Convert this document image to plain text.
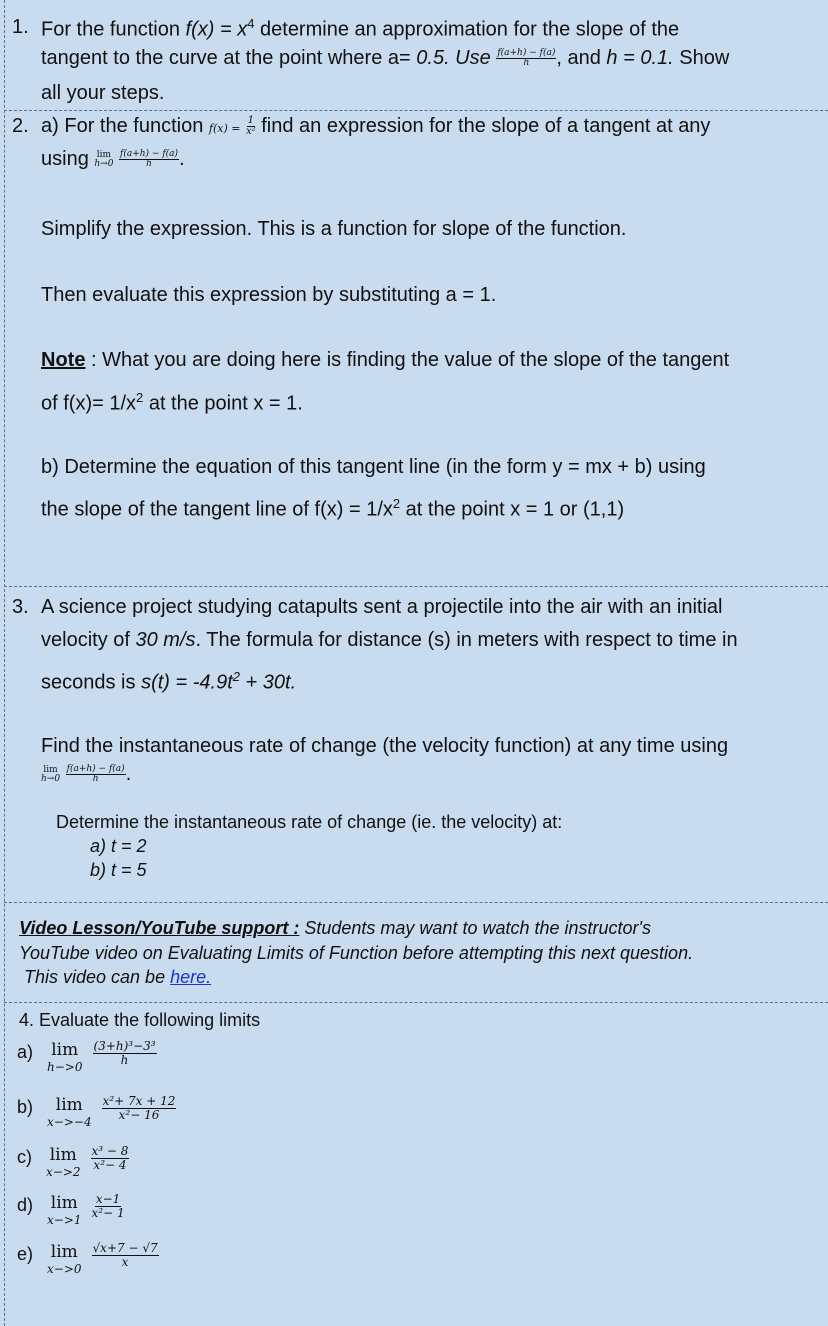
1. For the function $f(x) = x^4$ determine an approximation for the slope of the
tangent to the curve at the point where a= 0.5. Use $\frac{f(a+h) - f(a)}{h}$ , and h = 0.1. Show
all your steps.
2. a) For the function $f(x) = \frac{1}{\text{x²}}$ find an expression for the slope of a tangent at any
using lim
h→0
$\frac{f(a+h) - f(a)}{h}$ .
Simplify the expression. This is a function for slope of the function.
Then evaluate this expression by substituting a = 1.
Note : What you are doing here is finding the value of the slope of the tangent
of $f(x)= 1/x^2$ at the point x = 1.
b) Determine the equation of this tangent line (in the form y = mx + b) using
the slope of the tangent line of $f(x) = 1/x^2$ at the point x = 1 or (1,1)
3. A science project studying catapults sent a projectile into the air with an initial
velocity of 30 m/s. The formula for distance (s) in meters with respect to time in
seconds is $s(t) = -4.9t^2 + 30t$.
Find the instantaneous rate of change (the velocity function) at any time using
lim
h→0
$\frac{f(a+h) - f(a)}{h}$ .
Determine the instantaneous rate of change (ie. the velocity) at:
a) t = 2
b) t = 5
Video Lesson/YouTube support : Students may want to watch the instructor's
YouTube video on Evaluating Limits of Function before attempting this next question.
This video can be here.
4. Evaluate the following limits
a) lim
h−>0
$\frac{\text{(3+h)³−3³}}{h}$
b) lim
x−>−4
$\frac{\text{x²+ 7x + 12}}{\text{x²− 16}}$
c) lim
x−>2
$\frac{\text{x³ − 8}}{\text{x²− 4}}$
d) lim
x−>1
$\frac{x-1}{\text{x²− 1}}$
e) lim
x−>0
$\frac{√x+7 - √7}{x}$
